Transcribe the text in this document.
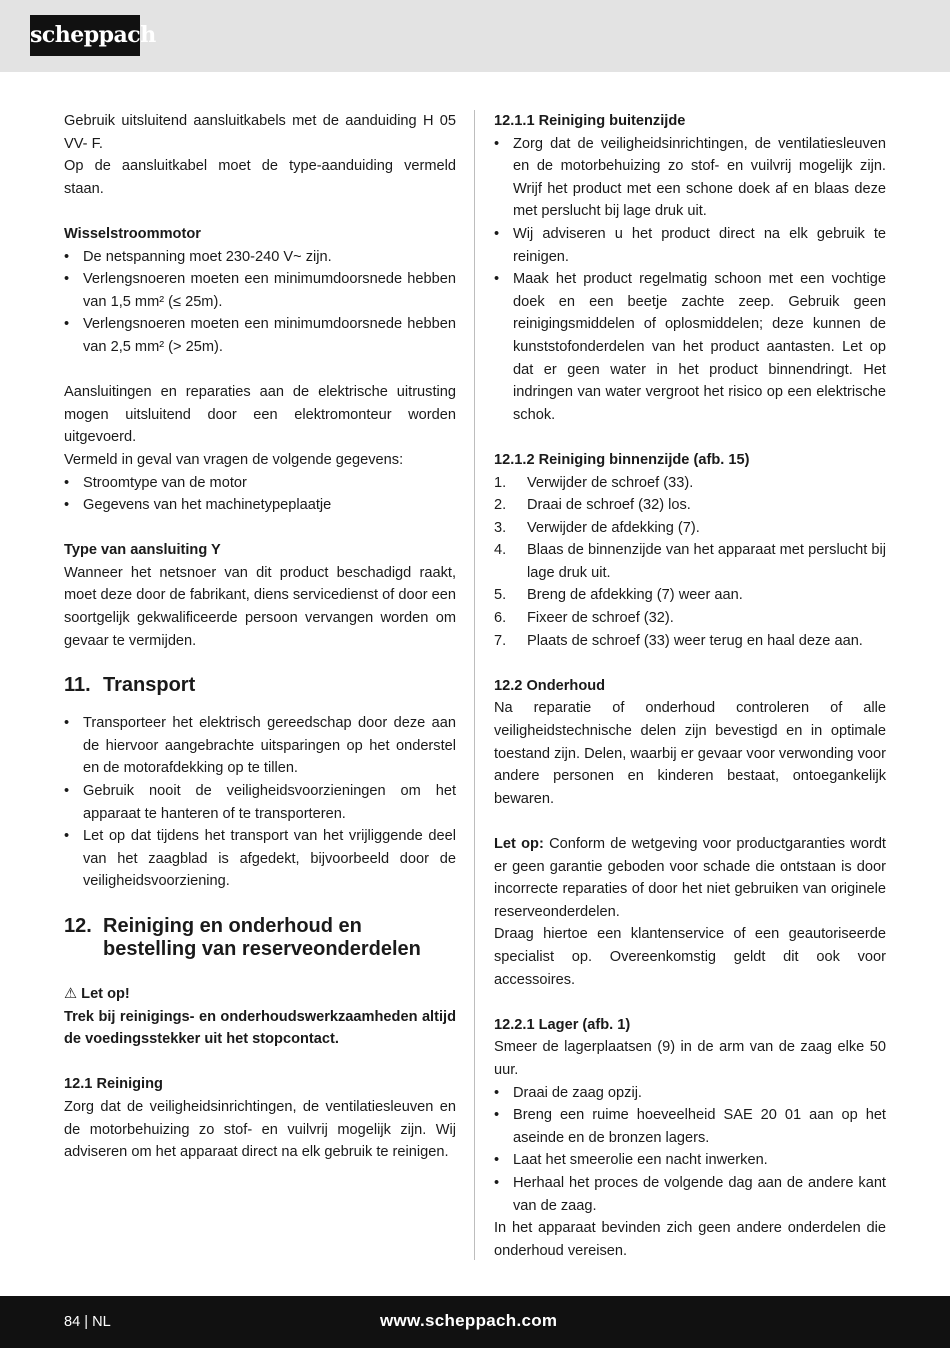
scheppach

Gebruik uitsluitend aansluitkabels met de aanduiding H 05 VV- F.

Op de aansluitkabel moet de type-aanduiding vermeld staan.

Wisselstroommotor

• De netspanning moet 230-240 V~ zijn.
• Verlengsnoeren moeten een minimumdoorsnede hebben van 1,5 mm² (≤ 25m).
• Verlengsnoeren moeten een minimumdoorsnede hebben van 2,5 mm² (> 25m).

Aansluitingen en reparaties aan de elektrische uitrusting mogen uitsluitend door een elektromonteur worden uitgevoerd.

Vermeld in geval van vragen de volgende gegevens:

• Stroomtype van de motor
• Gegevens van het machinetypeplaatje

Type van aansluiting Y

Wanneer het netsnoer van dit product beschadigd raakt, moet deze door de fabrikant, diens servicedienst of door een soortgelijk gekwalificeerde persoon vervangen worden om gevaar te vermijden.

11. Transport
• Transporteer het elektrisch gereedschap door deze aan de hiervoor aangebrachte uitsparingen op het onderstel en de motorafdekking op te tillen.
• Gebruik nooit de veiligheidsvoorzieningen om het apparaat te hanteren of te transporteren.
• Let op dat tijdens het transport van het vrijliggende deel van het zaagblad is afgedekt, bijvoorbeeld door de veiligheidsvoorziening.
12. Reiniging en onderhoud en bestelling van reserveonderdelen

⚠ Let op!

Trek bij reinigings- en onderhoudswerkzaamheden altijd de voedingsstekker uit het stopcontact.

12.1 Reiniging

Zorg dat de veiligheidsinrichtingen, de ventilatiesleuven en de motorbehuizing zo stof- en vuilvrij mogelijk zijn. Wij adviseren om het apparaat direct na elk gebruik te reinigen.

12.1.1 Reiniging buitenzijde

• Zorg dat de veiligheidsinrichtingen, de ventilatiesleuven en de motorbehuizing zo stof- en vuilvrij mogelijk zijn. Wrijf het product met een schone doek af en blaas deze met perslucht bij lage druk uit.
• Wij adviseren u het product direct na elk gebruik te reinigen.
• Maak het product regelmatig schoon met een vochtige doek en een beetje zachte zeep. Gebruik geen reinigingsmiddelen of oplosmiddelen; deze kunnen de kunststofonderdelen van het product aantasten. Let op dat er geen water in het product binnendringt. Het indringen van water vergroot het risico op een elektrische schok.

12.1.2 Reiniging binnenzijde (afb. 15)

1. Verwijder de schroef (33).
2. Draai de schroef (32) los.
3. Verwijder de afdekking (7).
4. Blaas de binnenzijde van het apparaat met perslucht bij lage druk uit.
5. Breng de afdekking (7) weer aan.
6. Fixeer de schroef (32).
7. Plaats de schroef (33) weer terug en haal deze aan.

12.2 Onderhoud

Na reparatie of onderhoud controleren of alle veiligheidstechnische delen zijn bevestigd en in optimale toestand zijn. Delen, waarbij er gevaar voor verwonding voor andere personen en kinderen bestaat, ontoegankelijk bewaren.

Let op: Conform de wetgeving voor productgaranties wordt er geen garantie geboden voor schade die ontstaan is door incorrecte reparaties of door het niet gebruiken van originele reserveonderdelen.

Draag hiertoe een klantenservice of een geautoriseerde specialist op. Overeenkomstig geldt dit ook voor accessoires.

12.2.1 Lager (afb. 1)

Smeer de lagerplaatsen (9) in de arm van de zaag elke 50 uur.

• Draai de zaag opzij.
• Breng een ruime hoeveelheid SAE 20 01 aan op het aseinde en de bronzen lagers.
• Laat het smeerolie een nacht inwerken.
• Herhaal het proces de volgende dag aan de andere kant van de zaag.

In het apparaat bevinden zich geen andere onderdelen die onderhoud vereisen.

84 | NL	www.scheppach.com
